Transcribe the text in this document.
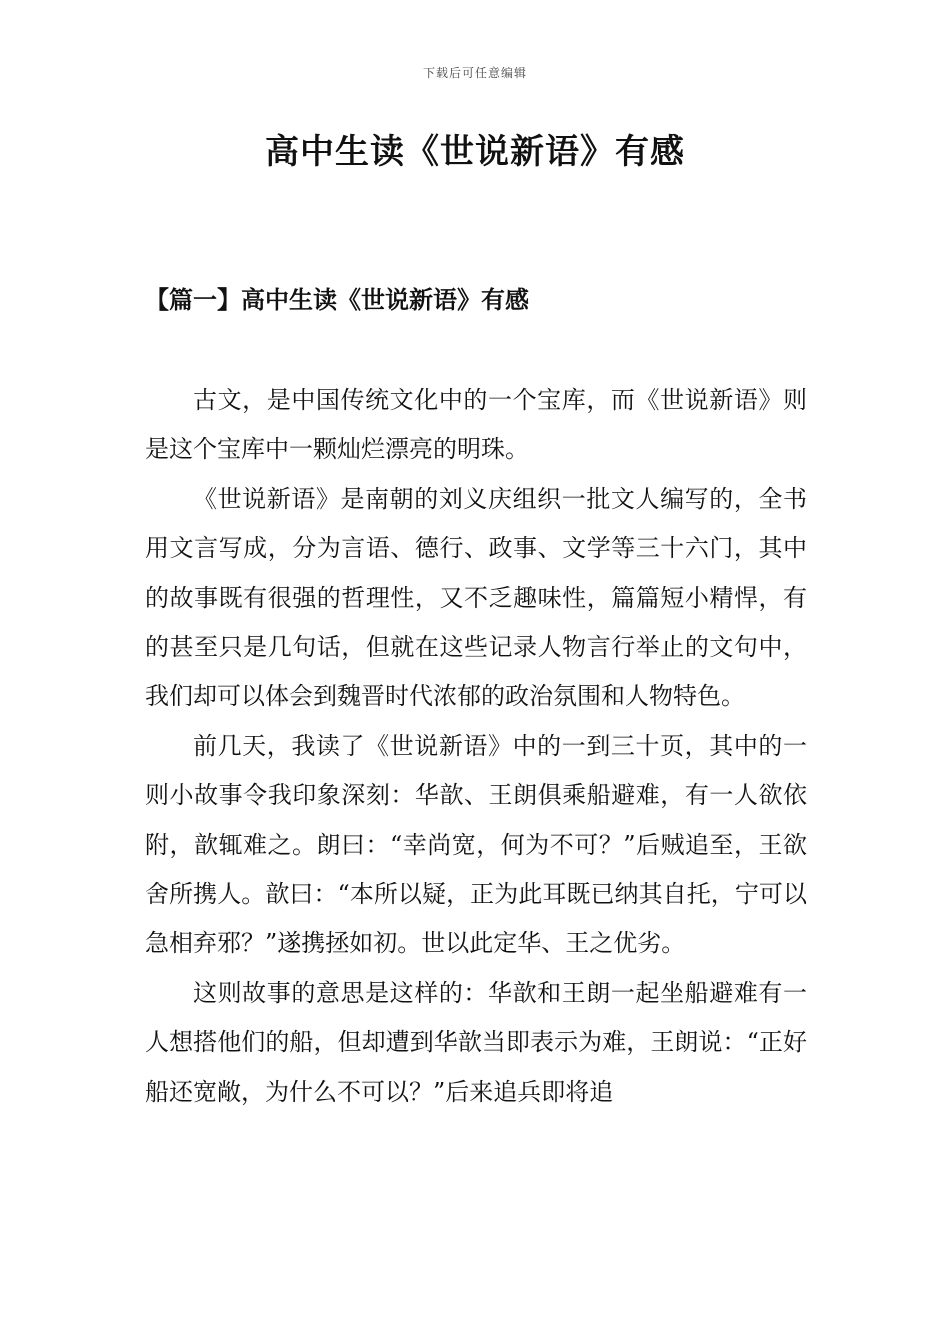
下载后可任意编辑
高中生读《世说新语》有感
【篇一】高中生读《世说新语》有感

古文，是中国传统文化中的一个宝库，而《世说新语》则是这个宝库中一颗灿烂漂亮的明珠。

《世说新语》是南朝的刘义庆组织一批文人编写的，全书用文言写成，分为言语、德行、政事、文学等三十六门，其中的故事既有很强的哲理性，又不乏趣味性，篇篇短小精悍，有的甚至只是几句话，但就在这些记录人物言行举止的文句中，我们却可以体会到魏晋时代浓郁的政治氛围和人物特色。

前几天，我读了《世说新语》中的一到三十页，其中的一则小故事令我印象深刻：华歆、王朗俱乘船避难，有一人欲依附，歆辄难之。朗曰：“幸尚宽，何为不可？”后贼追至，王欲舍所携人。歆曰：“本所以疑，正为此耳既已纳其自托，宁可以急相弃邪？”遂携拯如初。世以此定华、王之优劣。

这则故事的意思是这样的：华歆和王朗一起坐船避难有一人想搭他们的船，但却遭到华歆当即表示为难，王朗说：“正好船还宽敞，为什么不可以？”后来追兵即将追
